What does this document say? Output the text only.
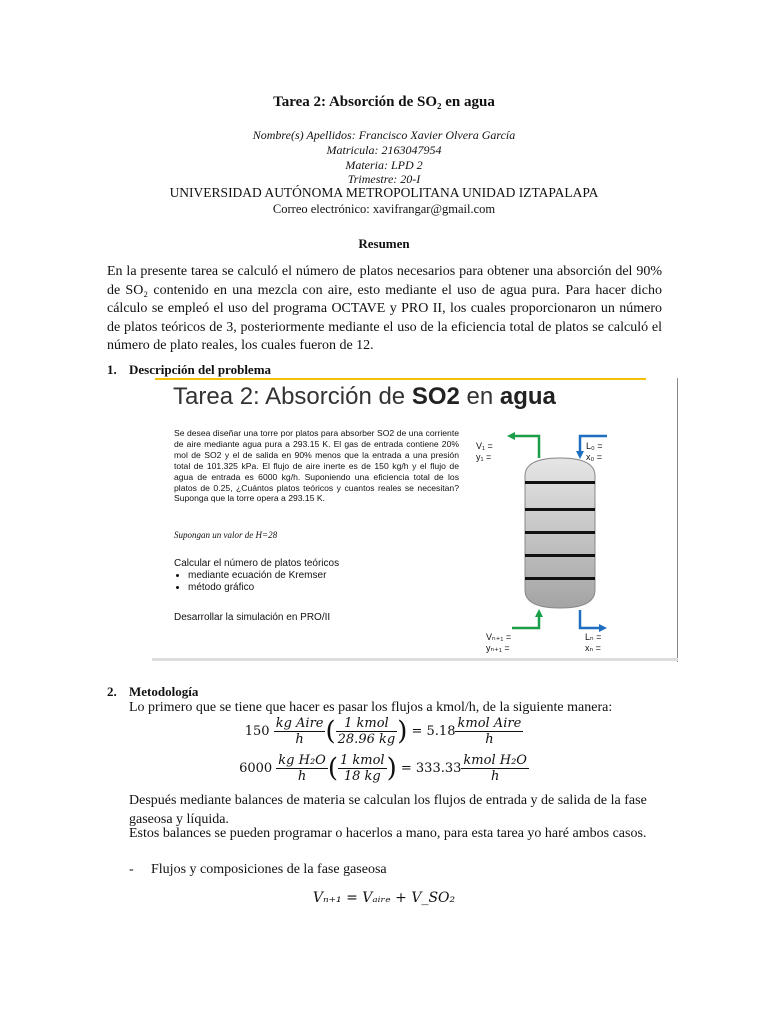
Tarea 2: Absorción de SO₂ en agua
Nombre(s) Apellidos: Francisco Xavier Olvera García
Matricula: 2163047954
Materia: LPD 2
Trimestre: 20-I
UNIVERSIDAD AUTÓNOMA METROPOLITANA UNIDAD IZTAPALAPA
Correo electrónico: xavifrangar@gmail.com
Resumen
En la presente tarea se calculó el número de platos necesarios para obtener una absorción del 90% de SO₂ contenido en una mezcla con aire, esto mediante el uso de agua pura. Para hacer dicho cálculo se empleó el uso del programa OCTAVE y PRO II, los cuales proporcionaron un número de platos teóricos de 3, posteriormente mediante el uso de la eficiencia total de platos se calculó el número de plato reales, los cuales fueron de 12.
1. Descripción del problema
Tarea 2: Absorción de SO2 en agua
Se desea diseñar una torre por platos para absorber SO2 de una corriente de aire mediante agua pura a 293.15 K. El gas de entrada contiene 20% mol de SO2 y el de salida en 90% menos que la entrada a una presión total de 101.325 kPa. El flujo de aire inerte es de 150 kg/h y el flujo de agua de entrada es 6000 kg/h. Suponiendo una eficiencia total de los platos de 0.25, ¿Cuántos platos teóricos y cuantos reales se necesitan? Suponga que la torre opera a 293.15 K.
Supongan un valor de H=28
Calcular el número de platos teóricos
• mediante ecuación de Kremser
• método gráfico
Desarrollar la simulación en PRO/II
V₁ =
y₁ =
L₀ =
x₀ =
Vₙ₊₁ =
yₙ₊₁ =
Lₙ =
xₙ =
2. Metodología
Lo primero que se tiene que hacer es pasar los flujos a kmol/h, de la siguiente manera:
$150 \frac{\text{kg Aire}}{h}$ ( $\frac{\text{1 kmol}}{28.96 kg}$ ) = $5.18 \frac{\text{kmol Aire}}{h}$
$6000 \frac{\text{kg H₂O}}{h}$ ( $\frac{\text{1 kmol}}{18 kg}$ ) = $333.33 \frac{\text{kmol H₂O}}{h}$
Después mediante balances de materia se calculan los flujos de entrada y de salida de la fase gaseosa y líquida.
Estos balances se pueden programar o hacerlos a mano, para esta tarea yo haré ambos casos.
- Flujos y composiciones de la fase gaseosa
Vₙ₊₁ = Vₐᵢᵣₑ + V_SO₂
